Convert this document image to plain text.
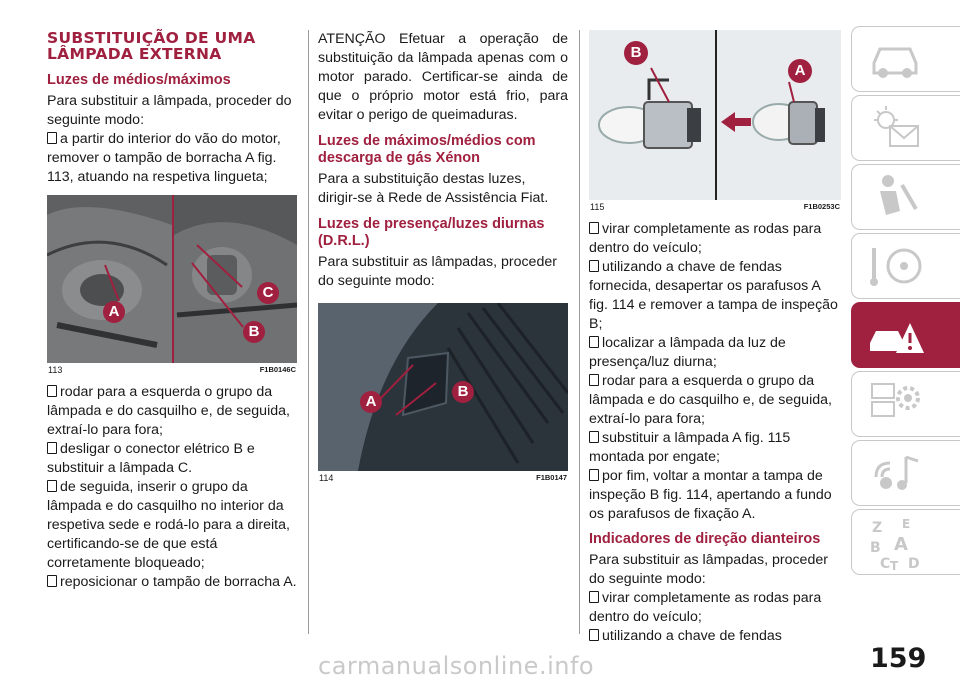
SUBSTITUIÇÃO DE UMA LÂMPADA EXTERNA
Luzes de médios/máximos

Para substituir a lâmpada, proceder do seguinte modo:

a partir do interior do vão do motor, remover o tampão de borracha A fig. 113, atuando na respetiva lingueta;

A
C
B
113	F1B0146C

rodar para a esquerda o grupo da lâmpada e do casquilho e, de seguida, extraí-lo para fora;

desligar o conector elétrico B e substituir a lâmpada C.

de seguida, inserir o grupo da lâmpada e do casquilho no interior da respetiva sede e rodá-lo para a direita, certificando-se de que está corretamente bloqueado;

reposicionar o tampão de borracha A.

ATENÇÃO Efetuar a operação de substituição da lâmpada apenas com o motor parado. Certificar-se ainda de que o próprio motor está frio, para evitar o perigo de queimaduras.

Luzes de máximos/médios com descarga de gás Xénon

Para a substituição destas luzes, dirigir-se à Rede de Assistência Fiat.

Luzes de presença/luzes diurnas (D.R.L.)

Para substituir as lâmpadas, proceder do seguinte modo:

A
B
114	F1B0147
B
A
115	F1B0253C

virar completamente as rodas para dentro do veículo;

utilizando a chave de fendas fornecida, desapertar os parafusos A fig. 114 e remover a tampa de inspeção B;

localizar a lâmpada da luz de presença/luz diurna;

rodar para a esquerda o grupo da lâmpada e do casquilho e, de seguida, extraí-lo para fora;

substituir a lâmpada A fig. 115 montada por engate;

por fim, voltar a montar a tampa de inspeção B fig. 114, apertando a fundo os parafusos de fixação A.

Indicadores de direção dianteiros

Para substituir as lâmpadas, proceder do seguinte modo:

virar completamente as rodas para dentro do veículo;

utilizando a chave de fendas

Z E
B A
C T D
159
carmanualsonline.info
